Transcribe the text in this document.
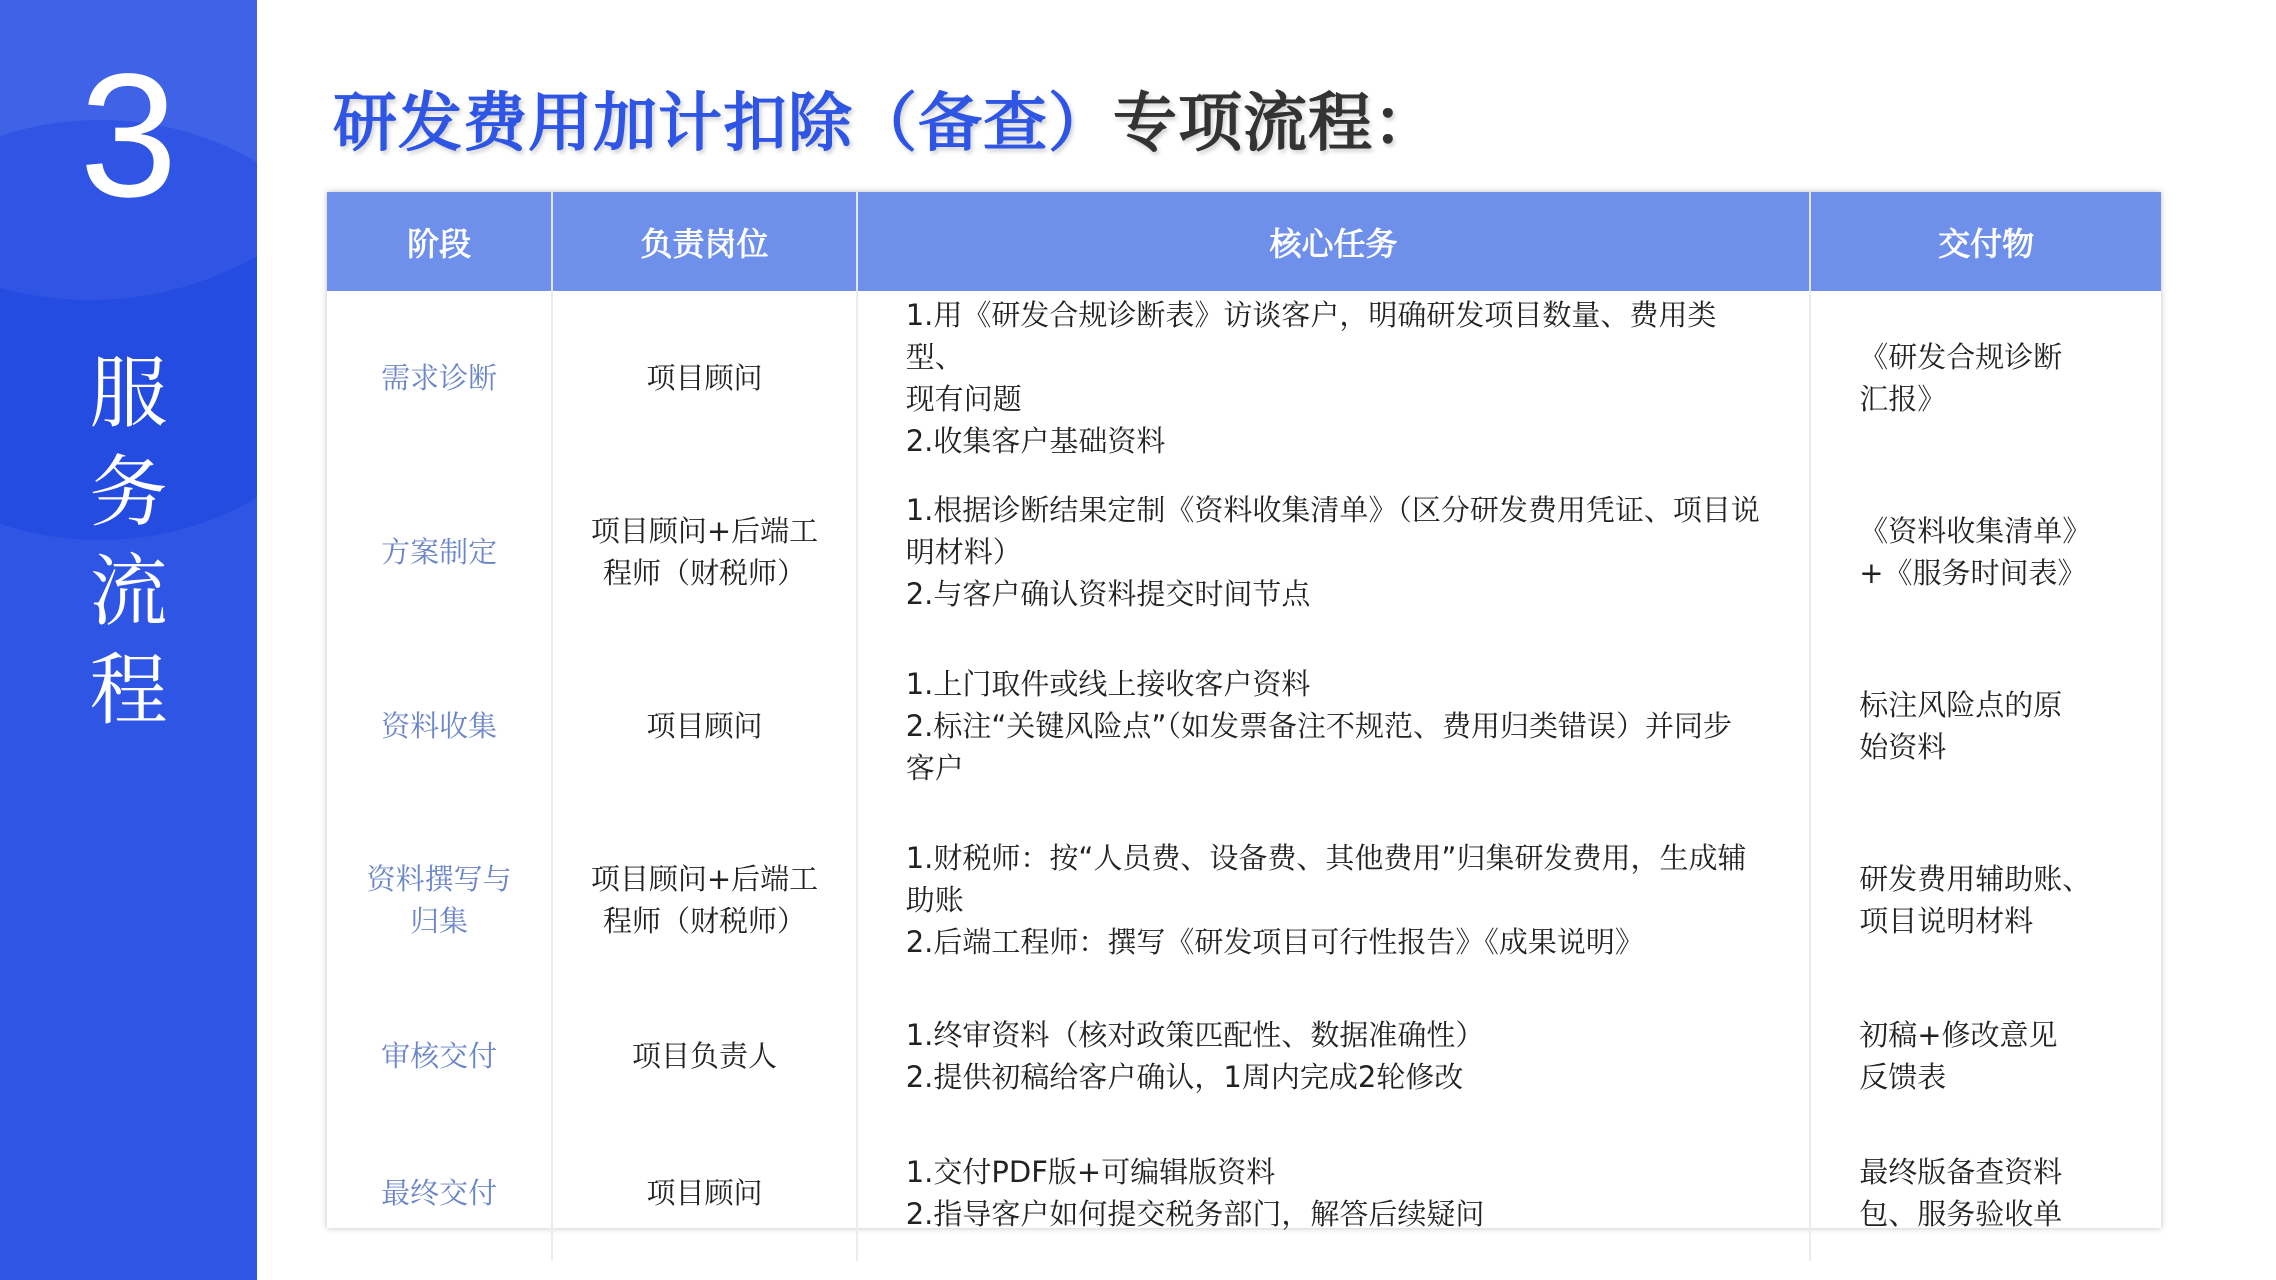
3
服
务
流
程
研发费用加计扣除（备查）专项流程：
阶段	负责岗位	核心任务	交付物

需求诊断	项目顾问	1.用《研发合规诊断表》访谈客户，明确研发项目数量、费用类型、
现有问题
2.收集客户基础资料	《研发合规诊断
汇报》

方案制定	项目顾问+后端工
程师（财税师）	1.根据诊断结果定制《资料收集清单》（区分研发费用凭证、项目说
明材料）
2.与客户确认资料提交时间节点	《资料收集清单》
+《服务时间表》

资料收集	项目顾问	1.上门取件或线上接收客户资料
2.标注“关键风险点”（如发票备注不规范、费用归类错误）并同步
客户	标注风险点的原
始资料

资料撰写与
归集	项目顾问+后端工
程师（财税师）	1.财税师：按“人员费、设备费、其他费用”归集研发费用，生成辅
助账
2.后端工程师：撰写《研发项目可行性报告》《成果说明》	研发费用辅助账、
项目说明材料

审核交付	项目负责人	1.终审资料（核对政策匹配性、数据准确性）
2.提供初稿给客户确认，1周内完成2轮修改	初稿+修改意见
反馈表

最终交付	项目顾问	1.交付PDF版+可编辑版资料
2.指导客户如何提交税务部门，解答后续疑问	最终版备查资料
包、服务验收单
